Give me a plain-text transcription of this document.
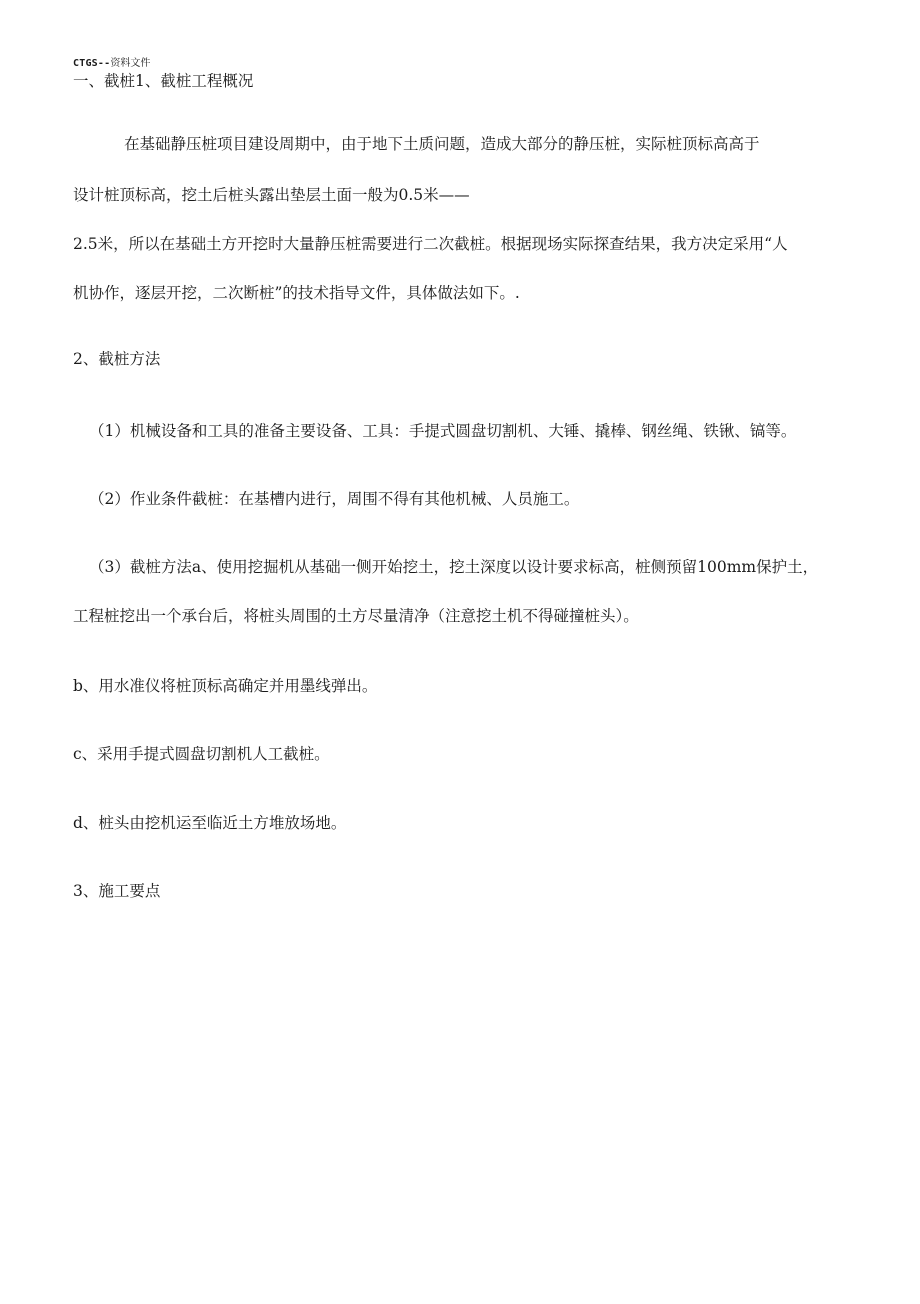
CTGS--资料文件
一、截桩1、截桩工程概况
在基础静压桩项目建设周期中，由于地下土质问题，造成大部分的静压桩，实际桩顶标高高于
设计桩顶标高，挖土后桩头露出垫层土面一般为0.5米——
2.5米，所以在基础土方开挖时大量静压桩需要进行二次截桩。根据现场实际探查结果，我方决定采用“人
机协作，逐层开挖，二次断桩”的技术指导文件，具体做法如下。.
2、截桩方法
（1）机械设备和工具的准备主要设备、工具：手提式圆盘切割机、大锤、撬棒、钢丝绳、铁锹、镐等。
（2）作业条件截桩：在基槽内进行，周围不得有其他机械、人员施工。
（3）截桩方法a、使用挖掘机从基础一侧开始挖土，挖土深度以设计要求标高，桩侧预留100mm保护土，
工程桩挖出一个承台后，将桩头周围的土方尽量清净（注意挖土机不得碰撞桩头）。
b、用水准仪将桩顶标高确定并用墨线弹出。
c、采用手提式圆盘切割机人工截桩。
d、桩头由挖机运至临近土方堆放场地。
3、施工要点
